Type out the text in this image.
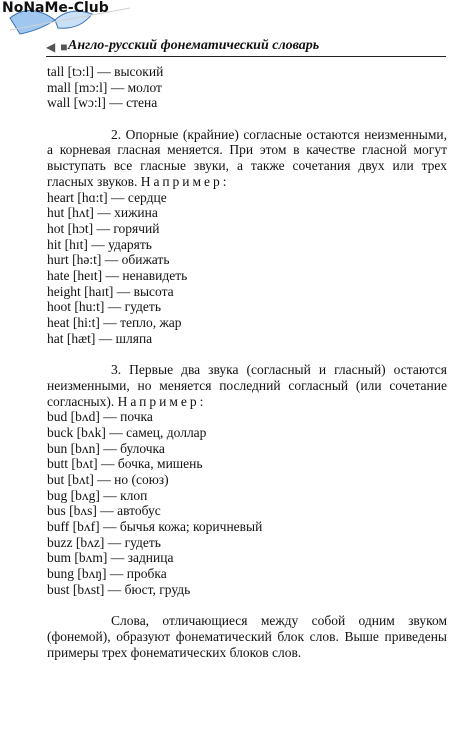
NoNaMe-Club
◀ ■ Англо-русский фонематический словарь
tall [tɔ:l] — высокий
mall [mɔ:l] — молот
wall [wɔ:l] — стена
2. Опорные (крайние) согласные остаются неизменными, а корневая гласная меняется. При этом в качестве гласной могут выступать все гласные звуки, а также сочетания двух или трех гласных звуков. Например:
heart [hɑ:t] — сердце
hut [hʌt] — хижина
hot [hɔt] — горячий
hit [hɪt] — ударять
hurt [hə:t] — обижать
hate [heɪt] — ненавидеть
height [haɪt] — высота
hoot [hu:t] — гудеть
heat [hi:t] — тепло, жар
hat [hæt] — шляпа
3. Первые два звука (согласный и гласный) остаются неизменными, но меняется последний согласный (или сочетание согласных). Например:
bud [bʌd] — почка
buck [bʌk] — самец, доллар
bun [bʌn] — булочка
butt [bʌt] — бочка, мишень
but [bʌt] — но (союз)
bug [bʌg] — клоп
bus [bʌs] — автобус
buff [bʌf] — бычья кожа; коричневый
buzz [bʌz] — гудеть
bum [bʌm] — задница
bung [bʌŋ] — пробка
bust [bʌst] — бюст, грудь
Слова, отличающиеся между собой одним звуком (фонемой), образуют фонематический блок слов. Выше приведены примеры трех фонематических блоков слов.
